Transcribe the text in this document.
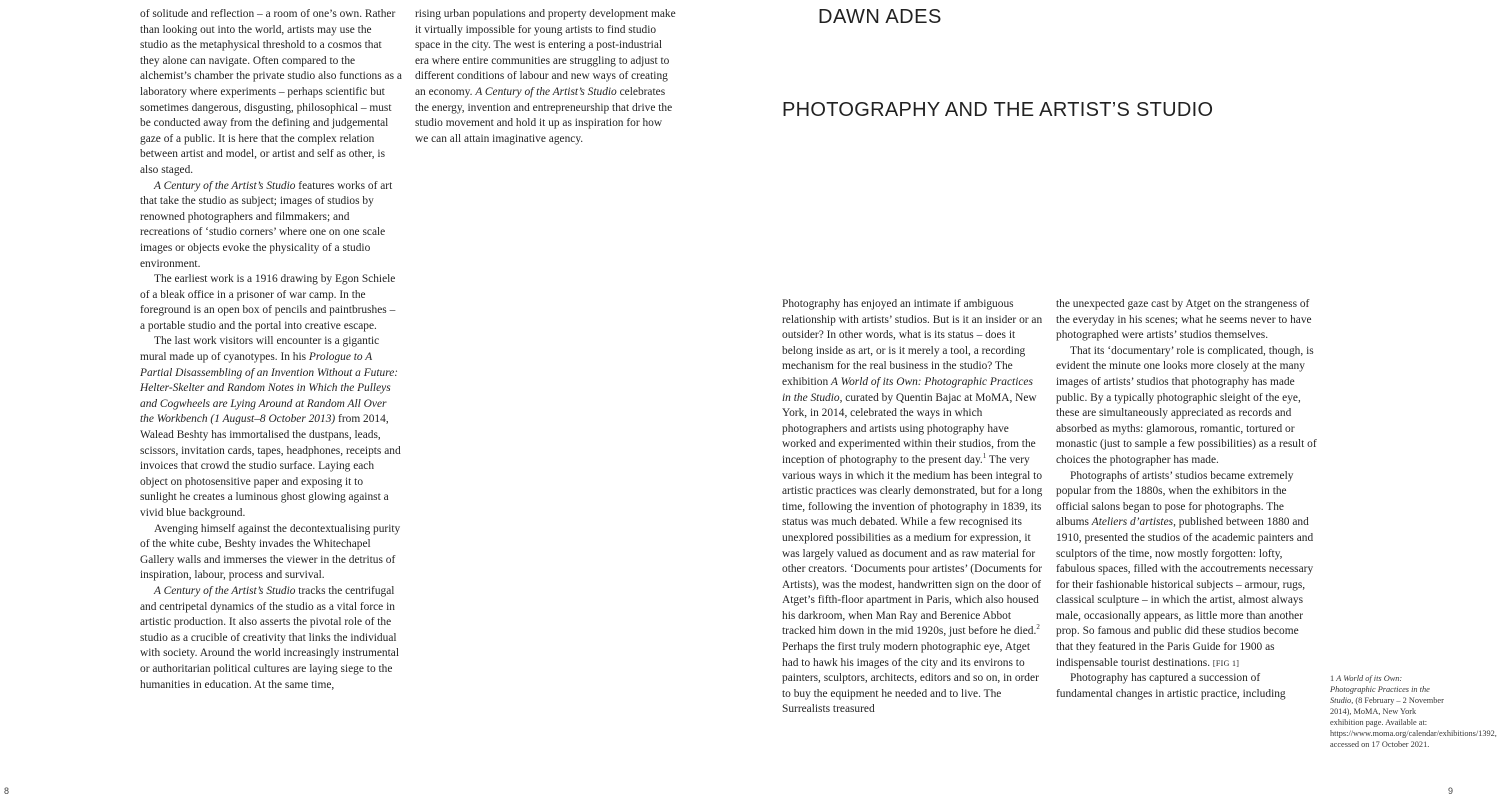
of solitude and reflection – a room of one’s own. Rather than looking out into the world, artists may use the studio as the metaphysical threshold to a cosmos that they alone can navigate. Often compared to the alchemist’s chamber the private studio also functions as a laboratory where experiments – perhaps scientific but sometimes dangerous, disgusting, philosophical – must be conducted away from the defining and judgemental gaze of a public. It is here that the complex relation between artist and model, or artist and self as other, is also staged.

A Century of the Artist’s Studio features works of art that take the studio as subject; images of studios by renowned photographers and filmmakers; and recreations of ‘studio corners’ where one on one scale images or objects evoke the physicality of a studio environment.

The earliest work is a 1916 drawing by Egon Schiele of a bleak office in a prisoner of war camp. In the foreground is an open box of pencils and paintbrushes – a portable studio and the portal into creative escape.

The last work visitors will encounter is a gigantic mural made up of cyanotypes. In his Prologue to A Partial Disassembling of an Invention Without a Future: Helter-Skelter and Random Notes in Which the Pulleys and Cogwheels are Lying Around at Random All Over the Workbench (1 August–8 October 2013) from 2014, Walead Beshty has immortalised the dustpans, leads, scissors, invitation cards, tapes, headphones, receipts and invoices that crowd the studio surface. Laying each object on photosensitive paper and exposing it to sunlight he creates a luminous ghost glowing against a vivid blue background.

Avenging himself against the decontextualising purity of the white cube, Beshty invades the Whitechapel Gallery walls and immerses the viewer in the detritus of inspiration, labour, process and survival.

A Century of the Artist’s Studio tracks the centrifugal and centripetal dynamics of the studio as a vital force in artistic production. It also asserts the pivotal role of the studio as a crucible of creativity that links the individual with society. Around the world increasingly instrumental or authoritarian political cultures are laying siege to the humanities in education. At the same time,

rising urban populations and property development make it virtually impossible for young artists to find studio space in the city. The west is entering a post-industrial era where entire communities are struggling to adjust to different conditions of labour and new ways of creating an economy. A Century of the Artist’s Studio celebrates the energy, invention and entrepreneurship that drive the studio movement and hold it up as inspiration for how we can all attain imaginative agency.

8
DAWN ADES
PHOTOGRAPHY AND THE ARTIST’S STUDIO

Photography has enjoyed an intimate if ambiguous relationship with artists’ studios. But is it an insider or an outsider? In other words, what is its status – does it belong inside as art, or is it merely a tool, a recording mechanism for the real business in the studio? The exhibition A World of its Own: Photographic Practices in the Studio, curated by Quentin Bajac at MoMA, New York, in 2014, celebrated the ways in which photographers and artists using photography have worked and experimented within their studios, from the inception of photography to the present day.$^1$ The very various ways in which it the medium has been integral to artistic practices was clearly demonstrated, but for a long time, following the invention of photography in 1839, its status was much debated. While a few recognised its unexplored possibilities as a medium for expression, it was largely valued as document and as raw material for other creators. ‘Documents pour artistes’ (Documents for Artists), was the modest, handwritten sign on the door of Atget’s fifth-floor apartment in Paris, which also housed his darkroom, when Man Ray and Berenice Abbot tracked him down in the mid 1920s, just before he died.$^2$ Perhaps the first truly modern photographic eye, Atget had to hawk his images of the city and its environs to painters, sculptors, architects, editors and so on, in order to buy the equipment he needed and to live. The Surrealists treasured

the unexpected gaze cast by Atget on the strangeness of the everyday in his scenes; what he seems never to have photographed were artists’ studios themselves.

That its ‘documentary’ role is complicated, though, is evident the minute one looks more closely at the many images of artists’ studios that photography has made public. By a typically photographic sleight of the eye, these are simultaneously appreciated as records and absorbed as myths: glamorous, romantic, tortured or monastic (just to sample a few possibilities) as a result of choices the photographer has made.

Photographs of artists’ studios became extremely popular from the 1880s, when the exhibitors in the official salons began to pose for photographs. The albums Ateliers d’artistes, published between 1880 and 1910, presented the studios of the academic painters and sculptors of the time, now mostly forgotten: lofty, fabulous spaces, filled with the accoutrements necessary for their fashionable historical subjects – armour, rugs, classical sculpture – in which the artist, almost always male, occasionally appears, as little more than another prop. So famous and public did these studios become that they featured in the Paris Guide for 1900 as indispensable tourist destinations. [FIG 1]

Photography has captured a succession of fundamental changes in artistic practice, including

1 A World of its Own: Photographic Practices in the Studio, (8 February – 2 November 2014), MoMA, New York exhibition page. Available at: https://www.moma.org/calendar/exhibitions/1392, accessed on 17 October 2021.
9
